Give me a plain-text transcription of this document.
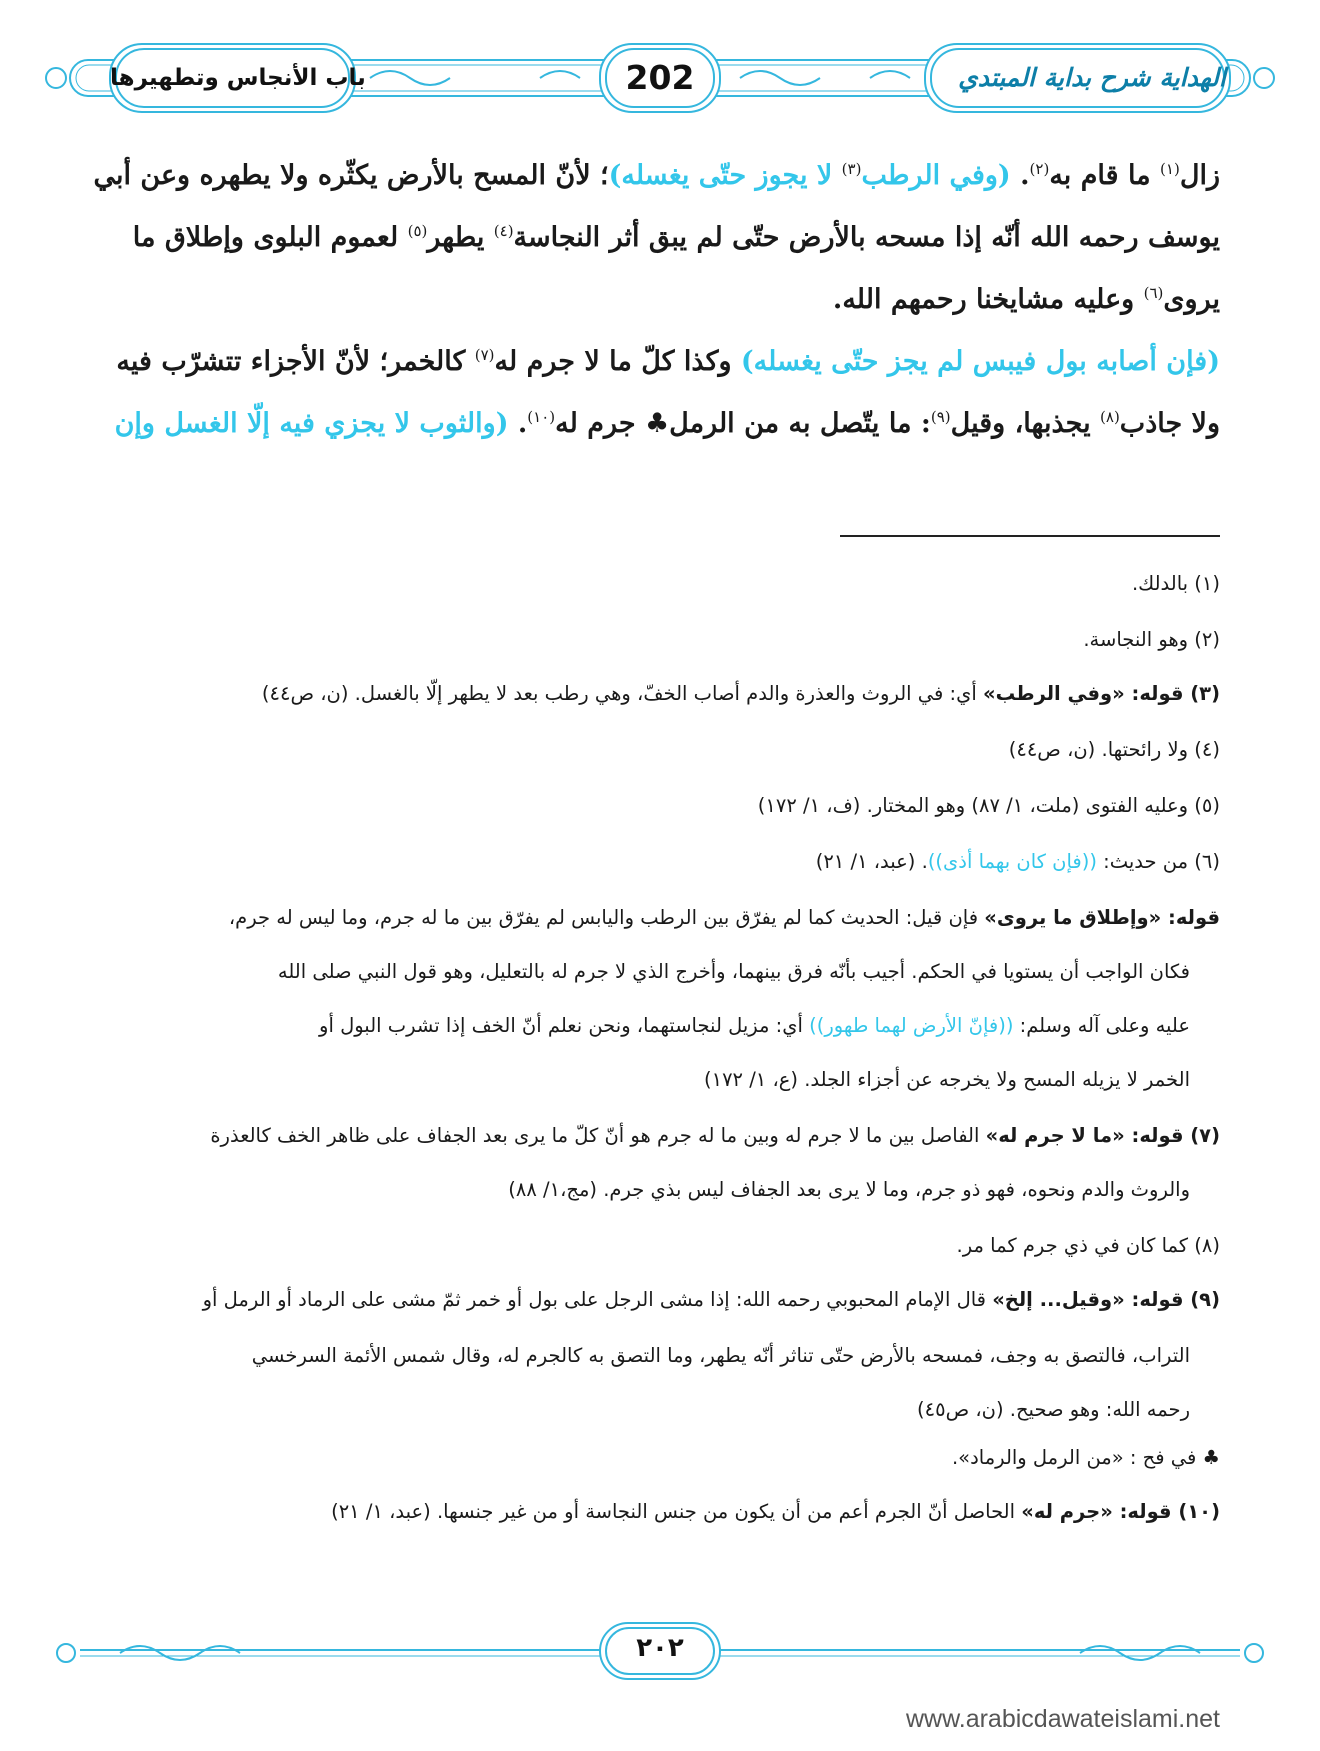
الهداية شرح بداية المبتدي
باب الأنجاس وتطهيرها	202
زال$^{(١)}$ ما قام به$^{(٢)}$. (وفي الرطب$^{(٣)}$ لا يجوز حتّى يغسله)؛ لأنّ المسح بالأرض يكثّره ولا يطهره وعن أبي
يوسف رحمه الله أنّه إذا مسحه بالأرض حتّى لم يبق أثر النجاسة$^{(٤)}$ يطهر$^{(٥)}$ لعموم البلوى وإطلاق ما
يروى$^{(٦)}$ وعليه مشايخنا رحمهم الله.
(فإن أصابه بول فيبس لم يجز حتّى يغسله) وكذا كلّ ما لا جرم له$^{(٧)}$ كالخمر؛ لأنّ الأجزاء تتشرّب فيه
ولا جاذب$^{(٨)}$ يجذبها، وقيل$^{(٩)}$: ما يتّصل به من الرمل♣ جرم له$^{(١٠)}$. (والثوب لا يجزي فيه إلّا الغسل وإن
(١) بالدلك.
(٢) وهو النجاسة.
(٣) قوله: «وفي الرطب» أي: في الروث والعذرة والدم أصاب الخفّ، وهي رطب بعد لا يطهر إلّا بالغسل. (ن، ص٤٤)
(٤) ولا رائحتها. (ن، ص٤٤)
(٥) وعليه الفتوى (ملت، ١/ ٨٧) وهو المختار. (ف، ١/ ١٧٢)
(٦) من حديث: ((فإن كان بهما أذى)). (عبد، ١/ ٢١)
قوله: «وإطلاق ما يروى» فإن قيل: الحديث كما لم يفرّق بين الرطب واليابس لم يفرّق بين ما له جرم، وما ليس له جرم،
فكان الواجب أن يستويا في الحكم. أجيب بأنّه فرق بينهما، وأخرج الذي لا جرم له بالتعليل، وهو قول النبي صلى الله
عليه وعلى آله وسلم: ((فإنّ الأرض لهما طهور)) أي: مزيل لنجاستهما، ونحن نعلم أنّ الخف إذا تشرب البول أو
الخمر لا يزيله المسح ولا يخرجه عن أجزاء الجلد. (ع، ١/ ١٧٢)
(٧) قوله: «ما لا جرم له» الفاصل بين ما لا جرم له وبين ما له جرم هو أنّ كلّ ما يرى بعد الجفاف على ظاهر الخف كالعذرة
والروث والدم ونحوه، فهو ذو جرم، وما لا يرى بعد الجفاف ليس بذي جرم. (مج،١/ ٨٨)
(٨) كما كان في ذي جرم كما مر.
(٩) قوله: «وقيل... إلخ» قال الإمام المحبوبي رحمه الله: إذا مشى الرجل على بول أو خمر ثمّ مشى على الرماد أو الرمل أو
التراب، فالتصق به وجف، فمسحه بالأرض حتّى تناثر أنّه يطهر، وما التصق به كالجرم له، وقال شمس الأئمة السرخسي
رحمه الله: وهو صحيح. (ن، ص٤٥)
♣ في فح : «من الرمل والرماد».
(١٠) قوله: «جرم له» الحاصل أنّ الجرم أعم من أن يكون من جنس النجاسة أو من غير جنسها. (عبد، ١/ ٢١)
٢٠٢
www.arabicdawateislami.net
